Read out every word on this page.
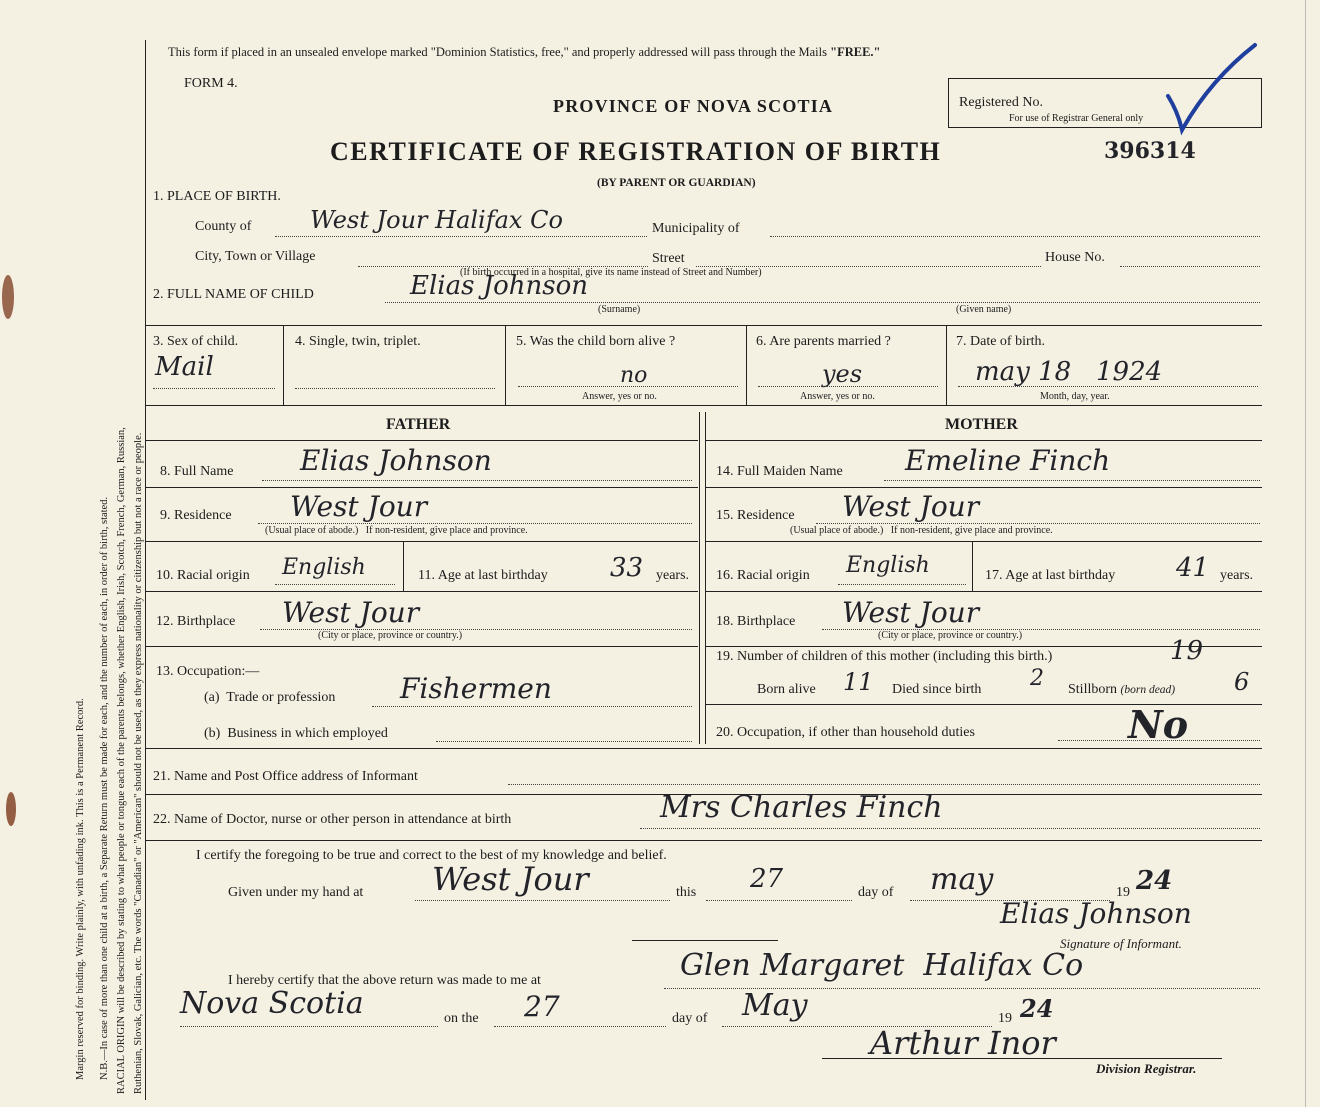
Margin reserved for binding. Write plainly, with unfading ink. This is a Permanent Record. N.B.—In case of more than one child at a birth, a Separate Return must be made for each, and the number of each, in order of birth, stated. RACIAL ORIGIN will be described by stating to what people or tongue each of the parents belongs, whether English, Irish, Scotch, French, German, Russian, Ruthenian, Slovak, Galician, etc. The words "Canadian" or "American" should not be used, as they express nationality or citizenship but not a race or people.
This form if placed in an unsealed envelope marked "Dominion Statistics, free," and properly addressed will pass through the Mails "FREE."
FORM 4.
PROVINCE OF NOVA SCOTIA
CERTIFICATE OF REGISTRATION OF BIRTH
(BY PARENT OR GUARDIAN)
Registered No.
For use of Registrar General only
396314
1. PLACE OF BIRTH.
County of West Jour Halifax Co	Municipality of
City, Town or Village	Street	House No.
(If birth occurred in a hospital, give its name instead of Street and Number)
2. FULL NAME OF CHILD	Elias Johnson
(Surname)	(Given name)
3. Sex of child.
Mail
4. Single, twin, triplet.	5. Was the child born alive ?
no
Answer, yes or no.
6. Are parents married ?
yes
Answer, yes or no.
7. Date of birth.
may 18   1924
Month, day, year.
FATHER	MOTHER
8. Full Name Elias Johnson
9. Residence West Jour
(Usual place of abode.)   If non-resident, give place and province.
10. Racial origin English	11. Age at last birthday 33 years.
12. Birthplace West Jour
(City or place, province or country.)
13. Occupation:—
(a)  Trade or profession Fishermen
(b)  Business in which employed
14. Full Maiden Name Emeline Finch
15. Residence West Jour
(Usual place of abode.)   If non-resident, give place and province.
16. Racial origin English	17. Age at last birthday 41 years.
18. Birthplace West Jour
(City or place, province or country.)
19. Number of children of this mother (including this birth.)	19
Born alive 11 Died since birth 2 Stillborn (born dead) 6
20. Occupation, if other than household duties	No
21. Name and Post Office address of Informant
22. Name of Doctor, nurse or other person in attendance at birth	Mrs Charles Finch
I certify the foregoing to be true and correct to the best of my knowledge and belief.
Given under my hand at West Jour	this 27	day of may	19 24
Elias Johnson
Signature of Informant.
I hereby certify that the above return was made to me at	Glen Margaret  Halifax Co
Nova Scotia	on the 27	day of May	19 24
Arthur Inor
Division Registrar.
